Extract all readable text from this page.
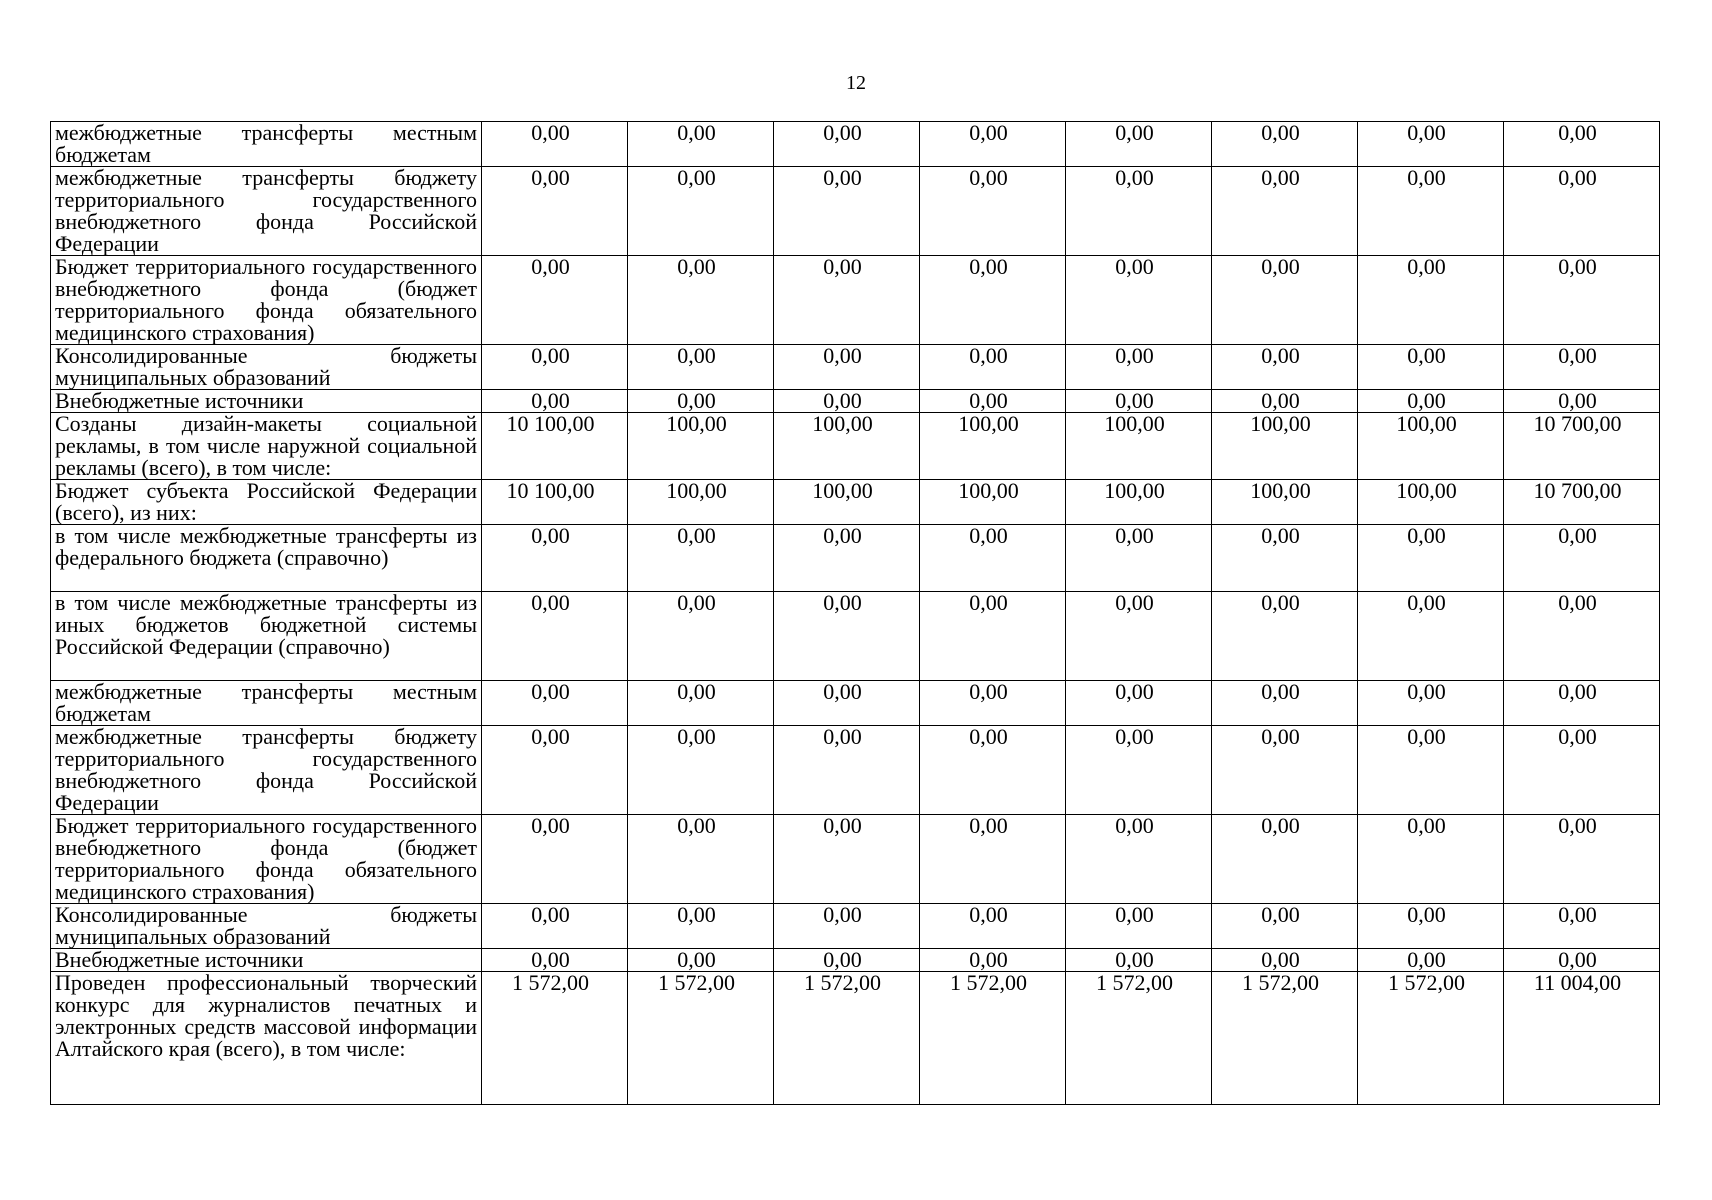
12
межбюджетные трансферты местным бюджетам	0,00	0,00	0,00	0,00	0,00	0,00	0,00	0,00
межбюджетные трансферты бюджету территориального государственного внебюджетного фонда Российской Федерации	0,00	0,00	0,00	0,00	0,00	0,00	0,00	0,00
Бюджет территориального государственного внебюджетного фонда (бюджет территориального фонда обязательного медицинского страхования)	0,00	0,00	0,00	0,00	0,00	0,00	0,00	0,00
Консолидированные бюджеты муниципальных образований	0,00	0,00	0,00	0,00	0,00	0,00	0,00	0,00
Внебюджетные источники	0,00	0,00	0,00	0,00	0,00	0,00	0,00	0,00
Созданы дизайн-макеты социальной рекламы, в том числе наружной социальной рекламы (всего), в том числе:	10 100,00	100,00	100,00	100,00	100,00	100,00	100,00	10 700,00
Бюджет субъекта Российской Федерации (всего), из них:	10 100,00	100,00	100,00	100,00	100,00	100,00	100,00	10 700,00
в том числе межбюджетные трансферты из федерального бюджета (справочно)	0,00	0,00	0,00	0,00	0,00	0,00	0,00	0,00
в том числе межбюджетные трансферты из иных бюджетов бюджетной системы Российской Федерации (справочно)	0,00	0,00	0,00	0,00	0,00	0,00	0,00	0,00
межбюджетные трансферты местным бюджетам	0,00	0,00	0,00	0,00	0,00	0,00	0,00	0,00
межбюджетные трансферты бюджету территориального государственного внебюджетного фонда Российской Федерации	0,00	0,00	0,00	0,00	0,00	0,00	0,00	0,00
Бюджет территориального государственного внебюджетного фонда (бюджет территориального фонда обязательного медицинского страхования)	0,00	0,00	0,00	0,00	0,00	0,00	0,00	0,00
Консолидированные бюджеты муниципальных образований	0,00	0,00	0,00	0,00	0,00	0,00	0,00	0,00
Внебюджетные источники	0,00	0,00	0,00	0,00	0,00	0,00	0,00	0,00
Проведен профессиональный творческий конкурс для журналистов печатных и электронных средств массовой информации Алтайского края (всего), в том числе:	1 572,00	1 572,00	1 572,00	1 572,00	1 572,00	1 572,00	1 572,00	11 004,00
